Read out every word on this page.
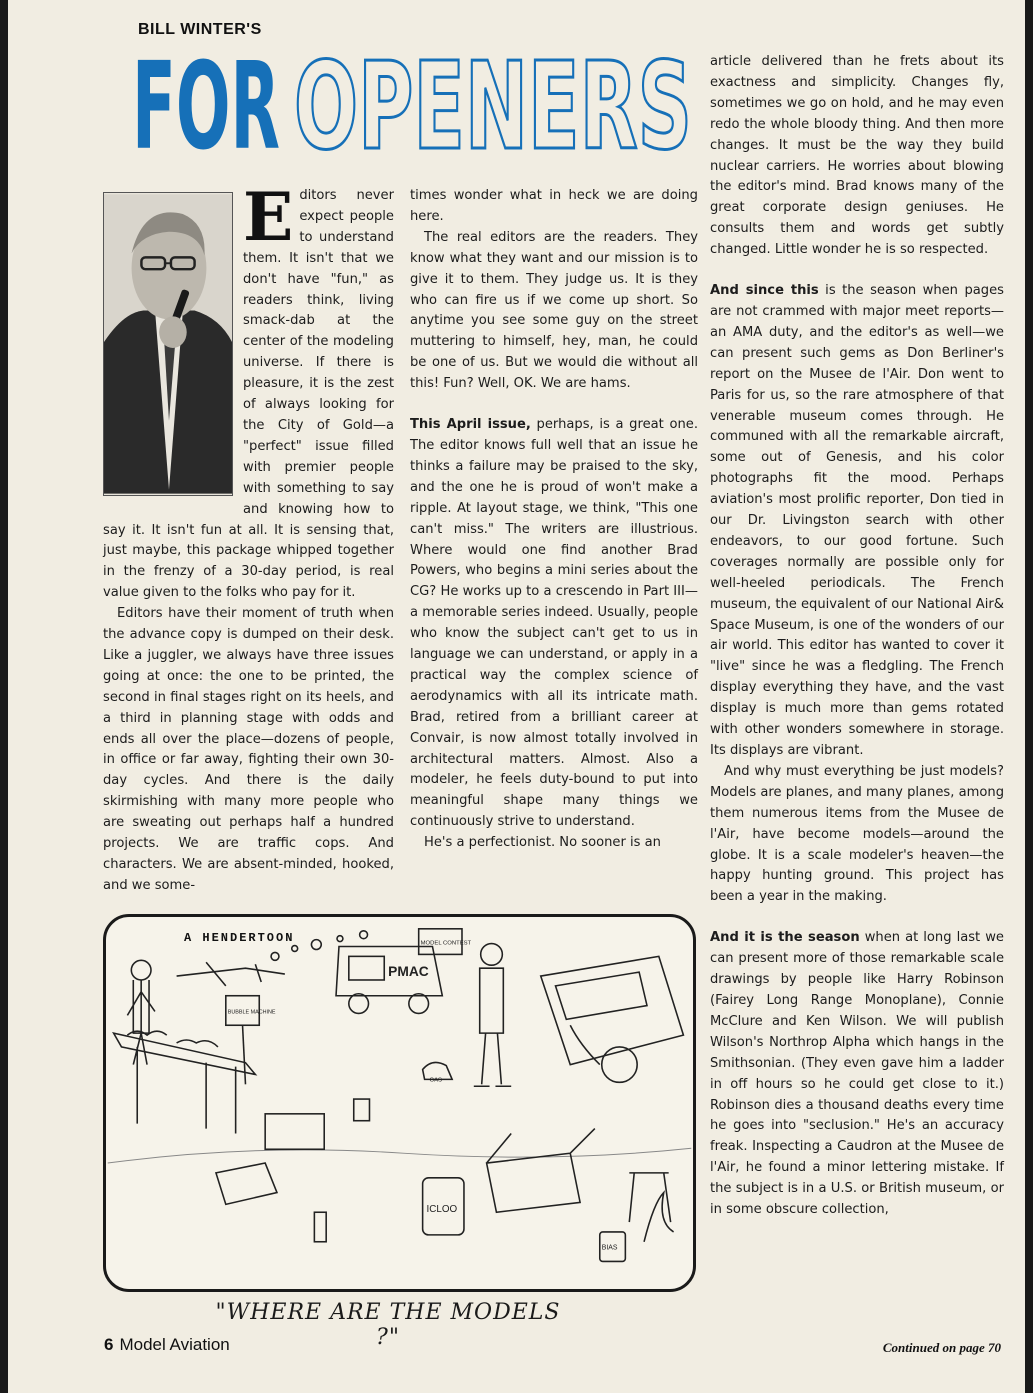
BILL WINTER'S
FOR OPENERS
E ditors never expect people to understand them. It isn't that we don't have "fun," as readers think, living smack-dab at the center of the modeling universe. If there is pleasure, it is the zest of always looking for the City of Gold—a "perfect" issue filled with premier people with something to say and knowing how to say it. It isn't fun at all. It is sensing that, just maybe, this package whipped together in the frenzy of a 30-day period, is real value given to the folks who pay for it.

Editors have their moment of truth when the advance copy is dumped on their desk. Like a juggler, we always have three issues going at once: the one to be printed, the second in final stages right on its heels, and a third in planning stage with odds and ends all over the place—dozens of people, in office or far away, fighting their own 30-day cycles. And there is the daily skirmishing with many more people who are sweating out perhaps half a hundred projects. We are traffic cops. And characters. We are absent-minded, hooked, and we some-

times wonder what in heck we are doing here.

The real editors are the readers. They know what they want and our mission is to give it to them. They judge us. It is they who can fire us if we come up short. So anytime you see some guy on the street muttering to himself, hey, man, he could be one of us. But we would die without all this! Fun? Well, OK. We are hams.

This April issue, perhaps, is a great one. The editor knows full well that an issue he thinks a failure may be praised to the sky, and the one he is proud of won't make a ripple. At layout stage, we think, "This one can't miss." The writers are illustrious. Where would one find another Brad Powers, who begins a mini series about the CG? He works up to a crescendo in Part III—a memorable series indeed. Usually, people who know the subject can't get to us in language we can understand, or apply in a practical way the complex science of aerodynamics with all its intricate math. Brad, retired from a brilliant career at Convair, is now almost totally involved in architectural matters. Almost. Also a modeler, he feels duty-bound to put into meaningful shape many things we continuously strive to understand.

He's a perfectionist. No sooner is an

article delivered than he frets about its exactness and simplicity. Changes fly, sometimes we go on hold, and he may even redo the whole bloody thing. And then more changes. It must be the way they build nuclear carriers. He worries about blowing the editor's mind. Brad knows many of the great corporate design geniuses. He consults them and words get subtly changed. Little wonder he is so respected.

And since this is the season when pages are not crammed with major meet reports—an AMA duty, and the editor's as well—we can present such gems as Don Berliner's report on the Musee de l'Air. Don went to Paris for us, so the rare atmosphere of that venerable museum comes through. He communed with all the remarkable aircraft, some out of Genesis, and his color photographs fit the mood. Perhaps aviation's most prolific reporter, Don tied in our Dr. Livingston search with other endeavors, to our good fortune. Such coverages normally are possible only for well-heeled periodicals. The French museum, the equivalent of our National Air& Space Museum, is one of the wonders of our air world. This editor has wanted to cover it "live" since he was a fledgling. The French display everything they have, and the vast display is much more than gems rotated with other wonders somewhere in storage. Its displays are vibrant.

And why must everything be just models? Models are planes, and many planes, among them numerous items from the Musee de l'Air, have become models—around the globe. It is a scale modeler's heaven—the happy hunting ground. This project has been a year in the making.

And it is the season when at long last we can present more of those remarkable scale drawings by people like Harry Robinson (Fairey Long Range Monoplane), Connie McClure and Ken Wilson. We will publish Wilson's Northrop Alpha which hangs in the Smithsonian. (They even gave him a ladder in off hours so he could get close to it.) Robinson dies a thousand deaths every time he goes into "seclusion." He's an accuracy freak. Inspecting a Caudron at the Musee de l'Air, he found a minor lettering mistake. If the subject is in a U.S. or British museum, or in some obscure collection,

MODEL CONTEST
BUBBLE MACHINE
PMAC
GAS
ICLOO
BIAS
A HENDERTOON
"WHERE ARE THE MODELS ?"	Continued on page 70
6 Model Aviation
